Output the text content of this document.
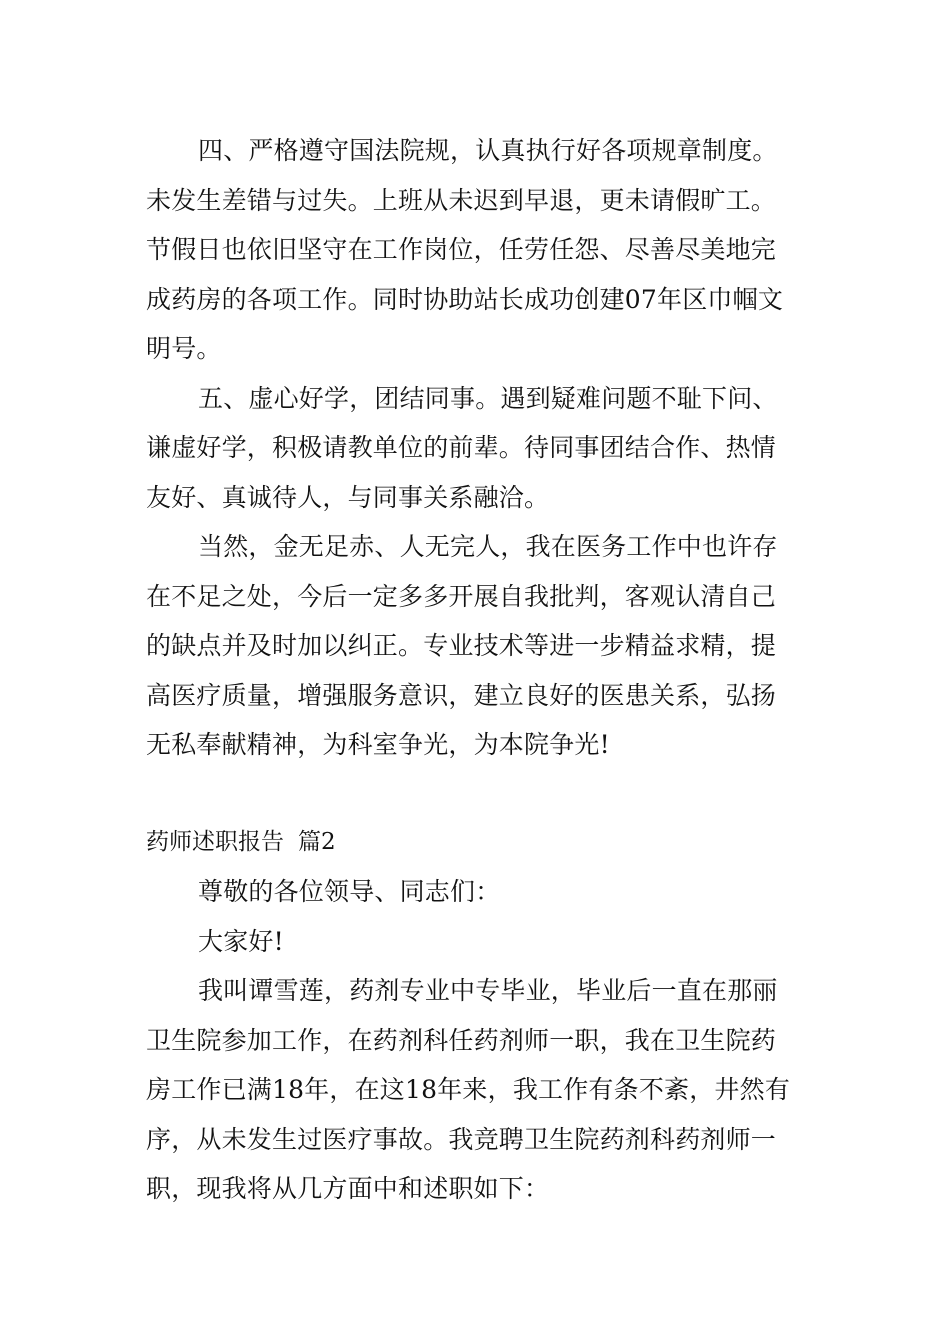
四、严格遵守国法院规，认真执行好各项规章制度。
未发生差错与过失。上班从未迟到早退，更未请假旷工。
节假日也依旧坚守在工作岗位，任劳任怨、尽善尽美地完
成药房的各项工作。同时协助站长成功创建07年区巾帼文
明号。
五、虚心好学，团结同事。遇到疑难问题不耻下问、
谦虚好学，积极请教单位的前辈。待同事团结合作、热情
友好、真诚待人，与同事关系融洽。
当然，金无足赤、人无完人，我在医务工作中也许存
在不足之处，今后一定多多开展自我批判，客观认清自己
的缺点并及时加以纠正。专业技术等进一步精益求精，提
高医疗质量，增强服务意识，建立良好的医患关系，弘扬
无私奉献精神，为科室争光，为本院争光!
药师述职报告 篇2
尊敬的各位领导、同志们：
大家好!
我叫谭雪莲，药剂专业中专毕业，毕业后一直在那丽
卫生院参加工作，在药剂科任药剂师一职，我在卫生院药
房工作已满18年，在这18年来，我工作有条不紊，井然有
序，从未发生过医疗事故。我竞聘卫生院药剂科药剂师一
职，现我将从几方面中和述职如下：
